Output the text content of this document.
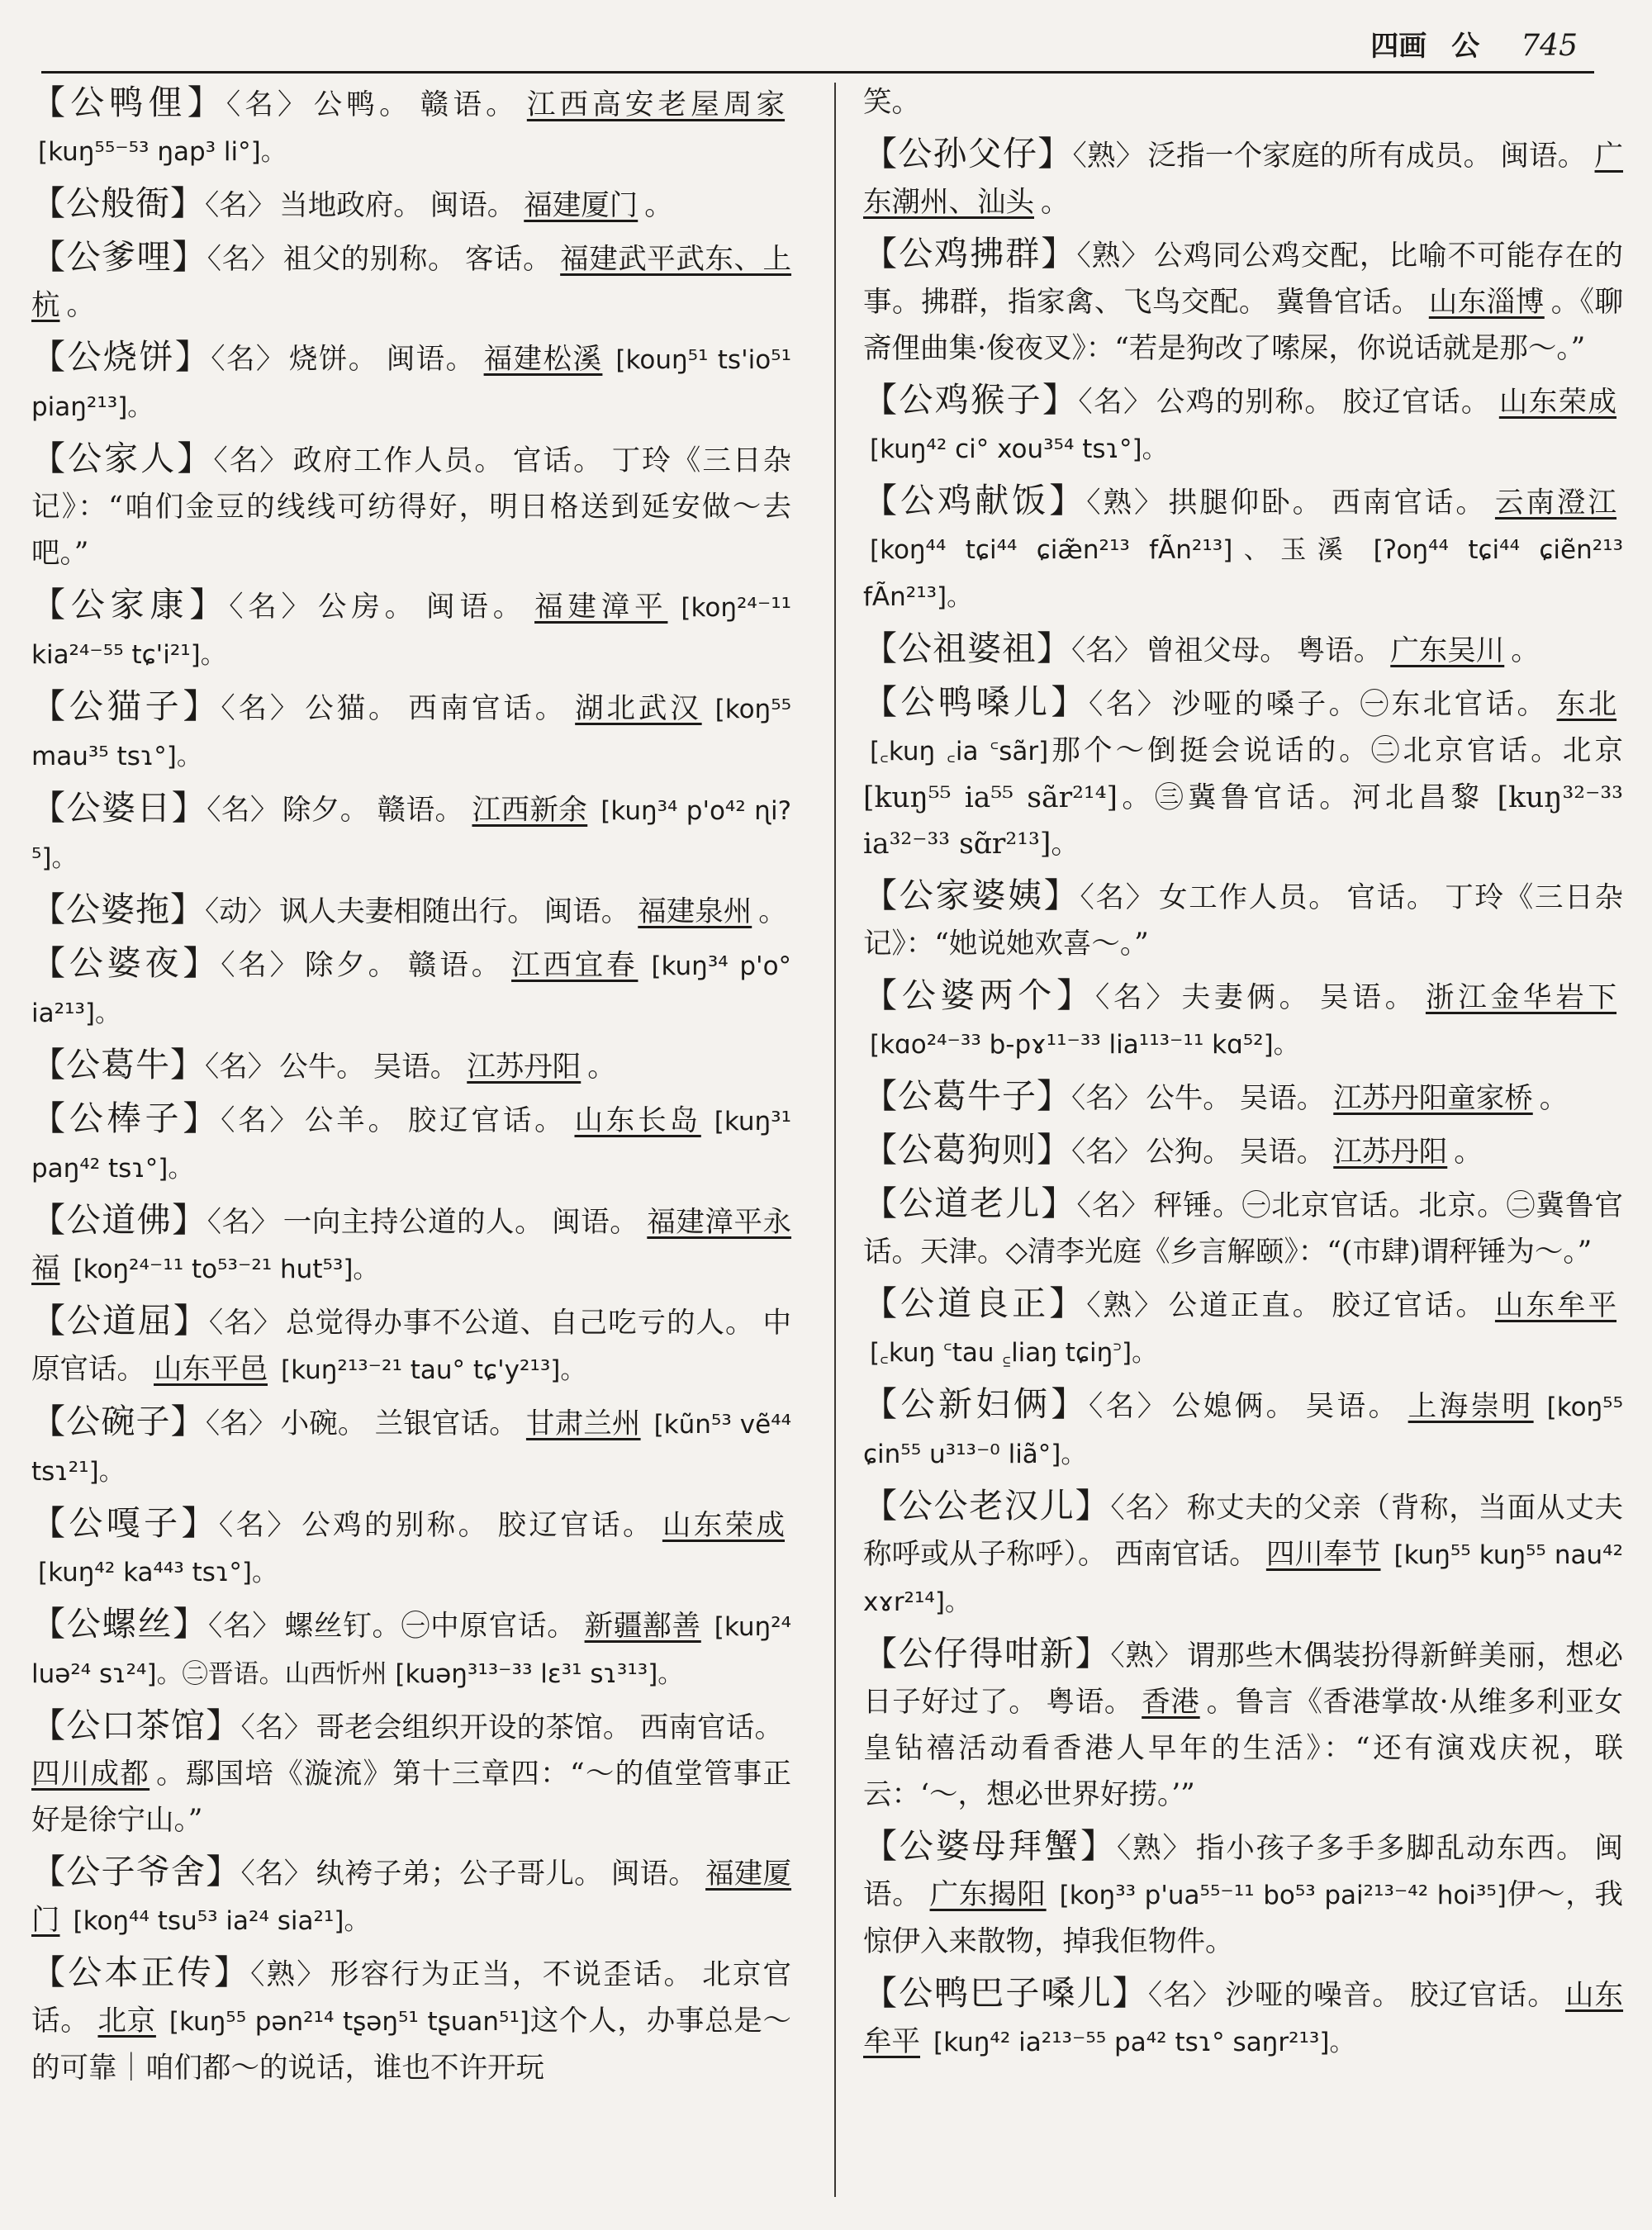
四画 公 745
【 公鸭俚 】 〈名〉 公鸭。 赣语。 江西高安老屋周家[kuŋ⁵⁵⁻⁵³ ŋap³ li°]。
【 公般衙 】 〈名〉 当地政府。 闽语。 福建厦门 。
【 公爹哩 】 〈名〉 祖父的别称。 客话。 福建武平武东、上杭 。
【 公烧饼 】 〈名〉 烧饼。 闽语。 福建松溪 [kouŋ⁵¹ ts'io⁵¹ piaŋ²¹³]。
【 公家人 】 〈名〉 政府工作人员。 官话。 丁玲《三日杂记》：“咱们金豆的线线可纺得好，明日格送到延安做～去吧。”
【 公家康 】 〈名〉 公房。 闽语。 福建漳平 [koŋ²⁴⁻¹¹ kia²⁴⁻⁵⁵ tɕ'i²¹]。
【 公猫子 】 〈名〉 公猫。 西南官话。 湖北武汉 [koŋ⁵⁵ mau³⁵ tsɿ°]。
【 公婆日 】 〈名〉 除夕。 赣语。 江西新余 [kuŋ³⁴ p'o⁴² ɳi?⁵]。
【 公婆拖 】 〈动〉 讽人夫妻相随出行。 闽语。 福建泉州 。
【 公婆夜 】 〈名〉 除夕。 赣语。 江西宜春 [kuŋ³⁴ p'o° ia²¹³]。
【 公葛牛 】 〈名〉 公牛。 吴语。 江苏丹阳 。
【 公棒子 】 〈名〉 公羊。 胶辽官话。 山东长岛 [kuŋ³¹ paŋ⁴² tsɿ°]。
【 公道佛 】 〈名〉 一向主持公道的人。 闽语。 福建漳平永福 [koŋ²⁴⁻¹¹ to⁵³⁻²¹ hut⁵³]。
【 公道屈 】 〈名〉 总觉得办事不公道、自己吃亏的人。 中原官话。 山东平邑 [kuŋ²¹³⁻²¹ tau° tɕ'y²¹³]。
【 公碗子 】 〈名〉 小碗。 兰银官话。 甘肃兰州 [kũn⁵³ vẽ⁴⁴ tsɿ²¹]。
【 公嘎子 】 〈名〉 公鸡的别称。 胶辽官话。 山东荣成[kuŋ⁴² ka⁴⁴³ tsɿ°]。
【 公螺丝 】 〈名〉 螺丝钉。㊀中原官话。 新疆鄯善 [kuŋ²⁴ luə²⁴ sɿ²⁴]。㊁晋语。山西忻州 [kuəŋ³¹³⁻³³ lɛ³¹ sɿ³¹³]。
【 公口茶馆 】 〈名〉 哥老会组织开设的茶馆。 西南官话。四川成都 。鄢国培《漩流》第十三章四：“～的值堂管事正好是徐宁山。”
【 公子爷舍 】 〈名〉 纨袴子弟；公子哥儿。 闽语。 福建厦门 [koŋ⁴⁴ tsu⁵³ ia²⁴ sia²¹]。
【 公本正传 】 〈熟〉 形容行为正当，不说歪话。 北京官话。 北京 [kuŋ⁵⁵ pən²¹⁴ tʂəŋ⁵¹ tʂuan⁵¹]这个人，办事总是～的可靠｜咱们都～的说话，谁也不许开玩
笑。
【 公孙父仔 】 〈熟〉 泛指一个家庭的所有成员。 闽语。 广东潮州、汕头 。
【 公鸡拂群 】 〈熟〉 公鸡同公鸡交配，比喻不可能存在的事。拂群，指家禽、飞鸟交配。 冀鲁官话。 山东淄博 。《聊斋俚曲集·俊夜叉》：“若是狗改了嗦屎，你说话就是那～。”
【 公鸡猴子 】 〈名〉 公鸡的别称。 胶辽官话。 山东荣成[kuŋ⁴² ci° xou³⁵⁴ tsɿ°]。
【 公鸡献饭 】 〈熟〉 拱腿仰卧。 西南官话。 云南澄江[koŋ⁴⁴ tɕi⁴⁴ ɕiæ̃n²¹³ fÃn²¹³]、玉溪 [ʔoŋ⁴⁴ tɕi⁴⁴ ɕiẽn²¹³ fÃn²¹³]。
【 公祖婆祖 】 〈名〉 曾祖父母。 粤语。 广东吴川 。
【 公鸭嗓儿 】 〈名〉 沙哑的嗓子。㊀东北官话。 东北[꜀kuŋ ꜀ia ꜂sãr]那个～倒挺会说话的。㊁北京官话。北京 [kuŋ⁵⁵ ia⁵⁵ sãr²¹⁴]。㊂冀鲁官话。河北昌黎 [kuŋ³²⁻³³ ia³²⁻³³ sɑ̃r²¹³]。
【 公家婆姨 】 〈名〉 女工作人员。 官话。 丁玲《三日杂记》：“她说她欢喜～。”
【 公婆两个 】 〈名〉 夫妻俩。 吴语。 浙江金华岩下[kɑo²⁴⁻³³ b-pɤ¹¹⁻³³ lia¹¹³⁻¹¹ kɑ⁵²]。
【 公葛牛子 】 〈名〉 公牛。 吴语。 江苏丹阳童家桥 。
【 公葛狗则 】 〈名〉 公狗。 吴语。 江苏丹阳 。
【 公道老儿 】 〈名〉 秤锤。㊀北京官话。北京。㊁冀鲁官话。天津。◇清李光庭《乡言解颐》：“(市肆)谓秤锤为～。”
【 公道良正 】 〈熟〉 公道正直。 胶辽官话。 山东牟平[꜀kuŋ ꜂tau ꜁liaŋ tɕiŋ꜄]。
【 公新妇俩 】 〈名〉 公媳俩。 吴语。 上海崇明 [koŋ⁵⁵ ɕin⁵⁵ u³¹³⁻⁰ liã°]。
【 公公老汉儿 】 〈名〉 称丈夫的父亲（背称，当面从丈夫称呼或从子称呼）。 西南官话。 四川奉节 [kuŋ⁵⁵ kuŋ⁵⁵ nau⁴² xɤr²¹⁴]。
【 公仔得咁新 】 〈熟〉 谓那些木偶装扮得新鲜美丽，想必日子好过了。 粤语。 香港 。鲁言《香港掌故·从维多利亚女皇钻禧活动看香港人早年的生活》：“还有演戏庆祝，联云：‘～，想必世界好捞。’”
【 公婆母拜蟹 】 〈熟〉 指小孩子多手多脚乱动东西。 闽语。 广东揭阳 [koŋ³³ p'ua⁵⁵⁻¹¹ bo⁵³ pai²¹³⁻⁴² hoi³⁵]伊～，我惊伊入来散物，掉我佢物件。
【 公鸭巴子嗓儿 】 〈名〉 沙哑的噪音。 胶辽官话。 山东牟平 [kuŋ⁴² ia²¹³⁻⁵⁵ pa⁴² tsɿ° saŋr²¹³]。
